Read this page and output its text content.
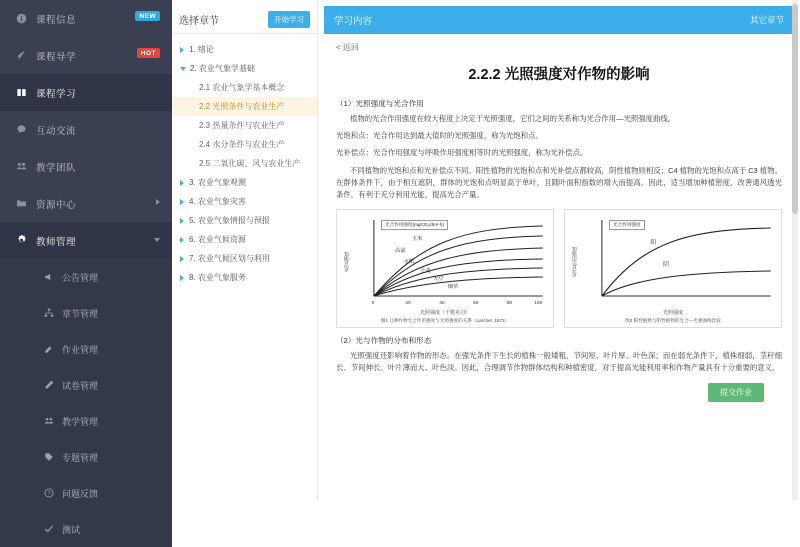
课程信息	NEW
课程导学	HOT
课程学习
互动交流
教学团队
资源中心
教师管理
公告管理
章节管理
作业管理
试卷管理
教学管理
专题管理
? 问题反馈
测试
选择章节	开始学习
1. 绪论
2. 农业气象学基础
2.1 农业气象学基本概念
2.2 光照条件与农业生产
2.3 热量条件与农业生产
2.4 水分条件与农业生产
2.5 二氧化碳、风与农业生产
3. 农业气象观测
4. 农业气象灾害
5. 农业气象情报与预报
6. 农业气候资源
7. 农业气候区划与利用
8. 农业气象服务
学习内容	其它章节
< 返回
2.2.2 光照强度对作物的影响
（1）光照强度与光合作用
植物的光合作用强度在较大程度上决定于光照强度，它们之间的关系称为光合作用—光照强度曲线。
光饱和点：光合作用达到最大值时的光照强度，称为光饱和点。
光补偿点：光合作用强度与呼吸作用强度相等时的光照强度，称为光补偿点。
不同植物的光饱和点和光补偿点不同。阳性植物的光饱和点和光补偿点都较高，阴性植物则相反；C4 植物的光饱和点高于 C3 植物。在群体条件下，由于相互遮阴，群体的光饱和点明显高于单叶，且随叶面积指数的增大而提高。因此，适当增加种植密度、改善通风透光条件，有利于充分利用光能，提高光合产量。
光合强度
光合作用强度(mgCO₂/dm²·h)
玉米
高粱
水稻
小麦
大豆
烟草
0	20	40	60	80	100
光照强度（千勒克司）
图1 几种作物光合作用强度与光照强度的关系（Larcher, 1973）
光合作用强度
光合作用强度
阳
阴
光照强度
图2 阳性植物与阴性植物的光合—光强曲线比较
（2）光与作物的分布和形态
光照强度还影响着作物的形态。在强光条件下生长的植株一般矮粗、节间短、叶片厚、叶色深；而在弱光条件下，植株细弱，茎秆细长、节间伸长、叶片薄而大、叶色淡。因此，合理调节作物群体结构和种植密度，对于提高光能利用率和作物产量具有十分重要的意义。
提交作业
